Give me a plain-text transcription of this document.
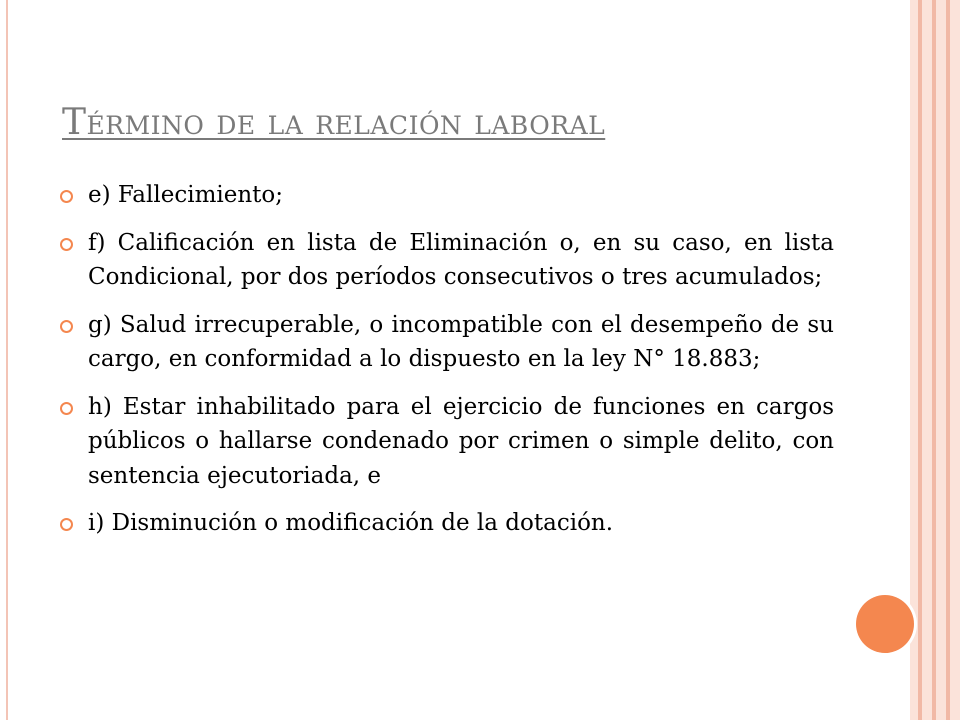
Término de la relación laboral
e) Fallecimiento;
f) Calificación en lista de Eliminación o, en su caso, en lista Condicional, por dos períodos consecutivos o tres acumulados;
g) Salud irrecuperable, o incompatible con el desempeño de su cargo, en conformidad a lo dispuesto en la ley N° 18.883;
h) Estar inhabilitado para el ejercicio de funciones en cargos públicos o hallarse condenado por crimen o simple delito, con sentencia ejecutoriada, e
i) Disminución o modificación de la dotación.
